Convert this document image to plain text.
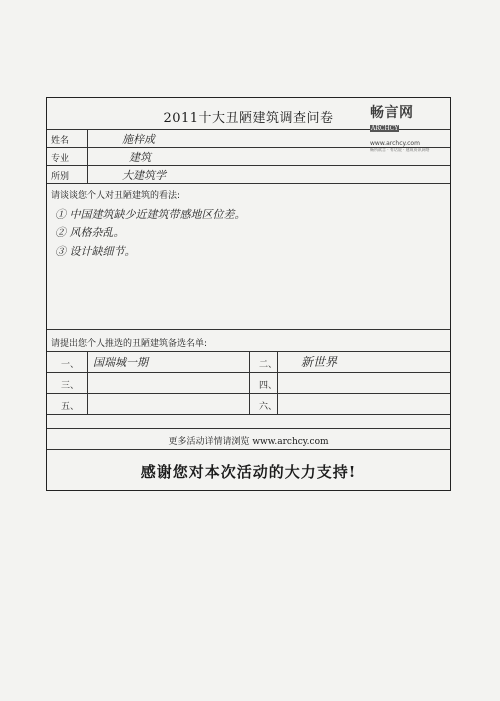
2011十大丑陋建筑调查问卷	畅言网 ARCHCY
www.archcy.com
畅所欲言 · 有话说 · 建筑资讯网络
姓名	施梓成
专业	建筑
所别	大建筑学
请谈谈您个人对丑陋建筑的看法:
① 中国建筑缺少近建筑带感地区位差。
② 风格杂乱。
③ 设计缺细节。
请提出您个人推选的丑陋建筑备选名单:
一、 国瑞城一期	二、 新世界
三、	四、
五、	六、
更多活动详情请浏览 www.archcy.com
感谢您对本次活动的大力支持!
